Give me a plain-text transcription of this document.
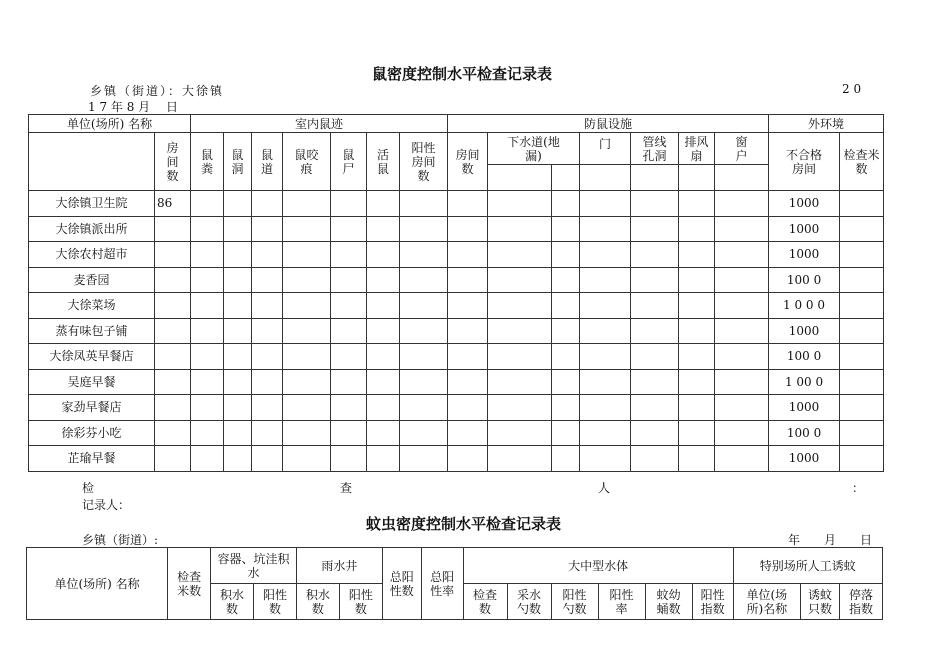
鼠密度控制水平检查记录表
乡镇（街道）：大徐镇	2 0
1 7 年 8 月　 日
单位(场所) 名称		室内鼠迹							防鼠设施							外环境		

	房间数	鼠粪	鼠洞	鼠道	鼠咬痕	鼠尸	活鼠	阳性房间数	房间数	下水道(地漏)		门	管线孔洞	排风扇	窗户	不合格房间	检查米数	

大徐镇卫生院	86															1000		
大徐镇派出所																1000		
大徐农村超市																1000		
麦香园																100 0		
大徐菜场																1 0 0 0		
蒸有味包子铺																1000		
大徐凤英早餐店																100 0		
吴庭早餐																1 00 0		
家劲早餐店																1000		
徐彩芬小吃																100 0		
芷瑜早餐																1000		
检	查	人	：
记录人：
蚊虫密度控制水平检查记录表
乡镇（街道）:	年　　月　　日
单位(场所) 名称	检查米数	容器、坑洼积水		雨水井		总阳性数	总阳性率	大中型水体						特别场所人工诱蚊		

		积水数	阳性数	积水数	阳性数			检查数	采水勺数	阳性勺数	阳性率	蚊幼蛹数	阳性指数	单位(场所)名称	诱蚊只数	停落指数
